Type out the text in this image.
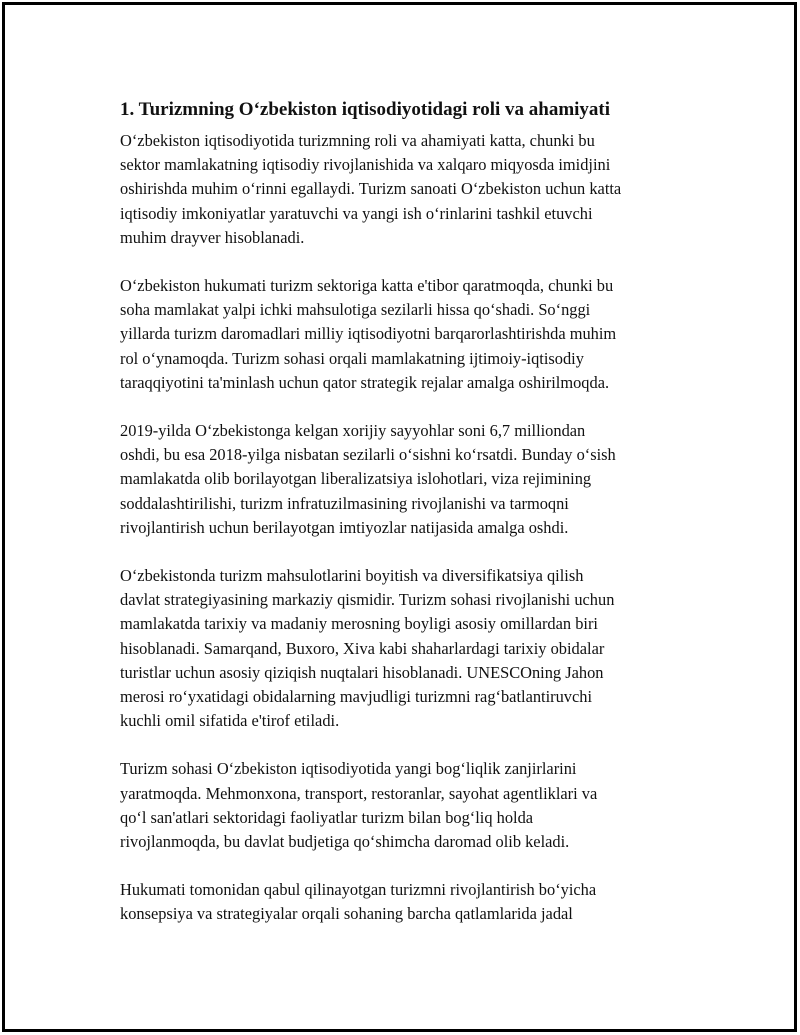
1. Turizmning O‘zbekiston iqtisodiyotidagi roli va ahamiyati
O‘zbekiston iqtisodiyotida turizmning roli va ahamiyati katta, chunki bu
sektor mamlakatning iqtisodiy rivojlanishida va xalqaro miqyosda imidjini
oshirishda muhim o‘rinni egallaydi. Turizm sanoati O‘zbekiston uchun katta
iqtisodiy imkoniyatlar yaratuvchi va yangi ish o‘rinlarini tashkil etuvchi
muhim drayver hisoblanadi.
O‘zbekiston hukumati turizm sektoriga katta e'tibor qaratmoqda, chunki bu
soha mamlakat yalpi ichki mahsulotiga sezilarli hissa qo‘shadi. So‘nggi
yillarda turizm daromadlari milliy iqtisodiyotni barqarorlashtirishda muhim
rol o‘ynamoqda. Turizm sohasi orqali mamlakatning ijtimoiy-iqtisodiy
taraqqiyotini ta'minlash uchun qator strategik rejalar amalga oshirilmoqda.
2019-yilda O‘zbekistonga kelgan xorijiy sayyohlar soni 6,7 milliondan
oshdi, bu esa 2018-yilga nisbatan sezilarli o‘sishni ko‘rsatdi. Bunday o‘sish
mamlakatda olib borilayotgan liberalizatsiya islohotlari, viza rejimining
soddalashtirilishi, turizm infratuzilmasining rivojlanishi va tarmoqni
rivojlantirish uchun berilayotgan imtiyozlar natijasida amalga oshdi.
O‘zbekistonda turizm mahsulotlarini boyitish va diversifikatsiya qilish
davlat strategiyasining markaziy qismidir. Turizm sohasi rivojlanishi uchun
mamlakatda tarixiy va madaniy merosning boyligi asosiy omillardan biri
hisoblanadi. Samarqand, Buxoro, Xiva kabi shaharlardagi tarixiy obidalar
turistlar uchun asosiy qiziqish nuqtalari hisoblanadi. UNESCOning Jahon
merosi ro‘yxatidagi obidalarning mavjudligi turizmni rag‘batlantiruvchi
kuchli omil sifatida e'tirof etiladi.
Turizm sohasi O‘zbekiston iqtisodiyotida yangi bog‘liqlik zanjirlarini
yaratmoqda. Mehmonxona, transport, restoranlar, sayohat agentliklari va
qo‘l san'atlari sektoridagi faoliyatlar turizm bilan bog‘liq holda
rivojlanmoqda, bu davlat budjetiga qo‘shimcha daromad olib keladi.
Hukumati tomonidan qabul qilinayotgan turizmni rivojlantirish bo‘yicha
konsepsiya va strategiyalar orqali sohaning barcha qatlamlarida jadal
